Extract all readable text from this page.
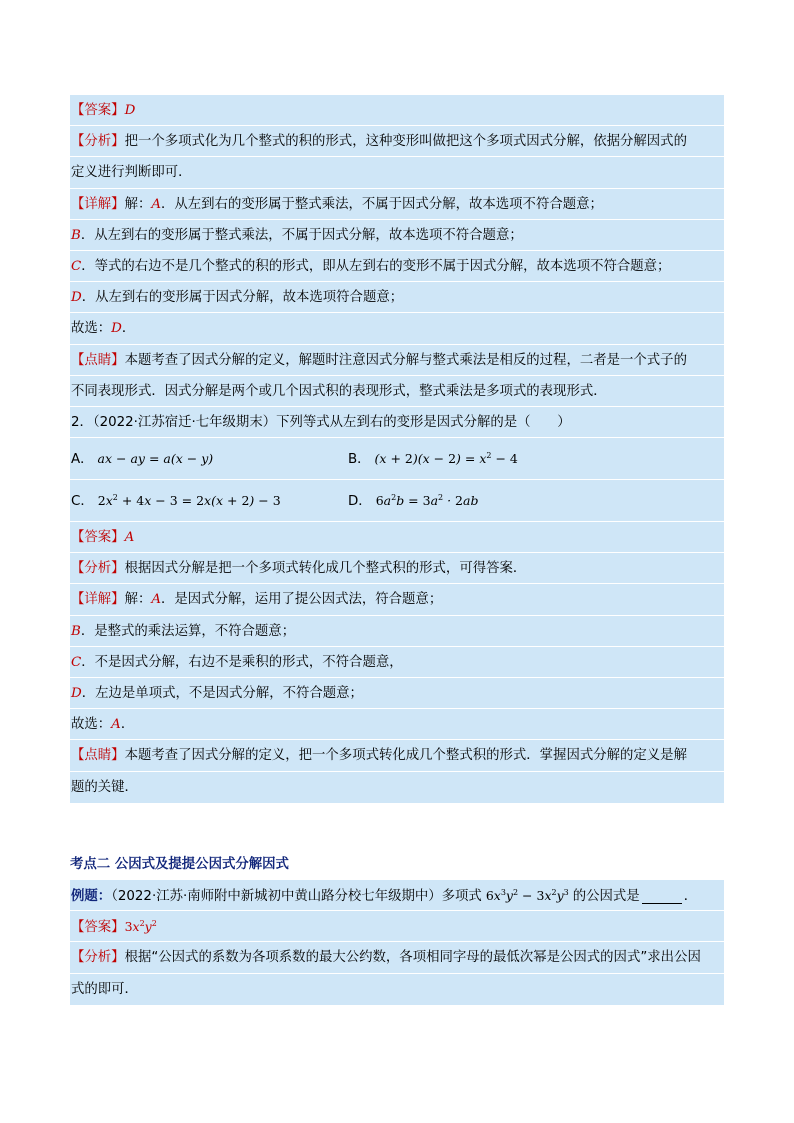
【答案】D
【分析】把一个多项式化为几个整式的积的形式，这种变形叫做把这个多项式因式分解，依据分解因式的
定义进行判断即可．
【详解】解：A．从左到右的变形属于整式乘法，不属于因式分解，故本选项不符合题意；
B．从左到右的变形属于整式乘法，不属于因式分解，故本选项不符合题意；
C．等式的右边不是几个整式的积的形式，即从左到右的变形不属于因式分解，故本选项不符合题意；
D．从左到右的变形属于因式分解，故本选项符合题意；
故选：D．
【点睛】本题考查了因式分解的定义，解题时注意因式分解与整式乘法是相反的过程，二者是一个式子的
不同表现形式．因式分解是两个或几个因式积的表现形式，整式乘法是多项式的表现形式．
2．（2022·江苏宿迁·七年级期末）下列等式从左到右的变形是因式分解的是（　　）
A． ax − ay = a(x − y)	B． $(x + 2)(x - 2) = x^2 - 4$
C． $2x^2 + 4x - 3 = 2x(x + 2) - 3$	D． $6a^2b = 3a^2 \cdot 2ab$
【答案】A
【分析】根据因式分解是把一个多项式转化成几个整式积的形式，可得答案．
【详解】解：A．是因式分解，运用了提公因式法，符合题意；
B．是整式的乘法运算，不符合题意；
C．不是因式分解，右边不是乘积的形式，不符合题意，
D．左边是单项式，不是因式分解，不符合题意；
故选：A．
【点睛】本题考查了因式分解的定义，把一个多项式转化成几个整式积的形式．掌握因式分解的定义是解
题的关键．
考点二 公因式及提提公因式分解因式
例题：（2022·江苏·南师附中新城初中黄山路分校七年级期中）多项式 $6x^3y^2 - 3x^2y^3$ 的公因式是	．
【答案】$3x^2y^2$
【分析】根据“公因式的系数为各项系数的最大公约数，各项相同字母的最低次幂是公因式的因式”求出公因
式的即可．
